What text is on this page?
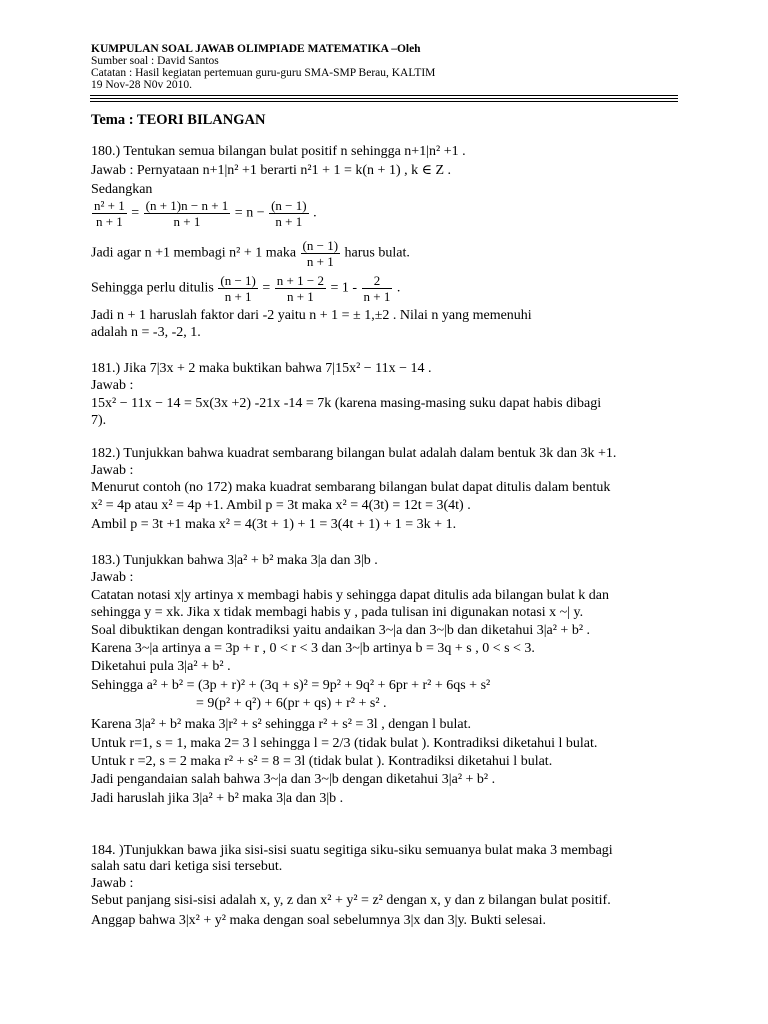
KUMPULAN SOAL JAWAB OLIMPIADE MATEMATIKA –Oleh
Sumber soal : David Santos
Catatan : Hasil kegiatan pertemuan guru-guru SMA-SMP Berau, KALTIM
19 Nov-28 N0v 2010.
Tema : TEORI BILANGAN
180.) Tentukan semua bilangan bulat positif n sehingga n+1|n² +1 .
Jawab : Pernyataan n+1|n² +1 berarti n²1 + 1 = k(n + 1) , k ∈ Z .
Sedangkan
$\frac{\text{n² + 1}}{n + 1} = \frac{(n + 1)n - n + 1}{n + 1} = n - \frac{(n - 1)}{n + 1}$ .
Jadi agar n +1 membagi n² + 1 maka $\frac{(n - 1)}{n + 1}$ harus bulat.
Sehingga perlu ditulis $\frac{(n - 1)}{n + 1} = \frac{n + 1 - 2}{n + 1} = 1 - \frac{2}{n + 1}$ .
Jadi n + 1 haruslah faktor dari -2 yaitu n + 1 = ± 1,±2 . Nilai n yang memenuhi
adalah n = -3, -2, 1.
181.) Jika 7|3x + 2 maka buktikan bahwa 7|15x² − 11x − 14 .
Jawab :
15x² − 11x − 14 = 5x(3x +2) -21x -14 = 7k (karena masing-masing suku dapat habis dibagi
7).
182.) Tunjukkan bahwa kuadrat sembarang bilangan bulat adalah dalam bentuk 3k dan 3k +1.
Jawab :
Menurut contoh (no 172) maka kuadrat sembarang bilangan bulat dapat ditulis dalam bentuk
x² = 4p atau x² = 4p +1. Ambil p = 3t maka x² = 4(3t) = 12t = 3(4t) .
Ambil p = 3t +1 maka x² = 4(3t + 1) + 1 = 3(4t + 1) + 1 = 3k + 1.
183.) Tunjukkan bahwa 3|a² + b² maka 3|a dan 3|b .
Jawab :
Catatan notasi x|y artinya x membagi habis y sehingga dapat ditulis ada bilangan bulat k dan
sehingga y = xk. Jika x tidak membagi habis y , pada tulisan ini digunakan notasi x ~| y.
Soal dibuktikan dengan kontradiksi yaitu andaikan 3~|a dan 3~|b dan diketahui 3|a² + b² .
Karena 3~|a artinya a = 3p + r , 0 < r < 3 dan 3~|b artinya b = 3q + s , 0 < s < 3.
Diketahui pula 3|a² + b² .
Sehingga a² + b² = (3p + r)² + (3q + s)² = 9p² + 9q² + 6pr + r² + 6qs + s²
= 9(p² + q²) + 6(pr + qs) + r² + s² .
Karena 3|a² + b² maka 3|r² + s² sehingga r² + s² = 3l , dengan l bulat.
Untuk r=1, s = 1, maka 2= 3 l sehingga l = 2/3 (tidak bulat ). Kontradiksi diketahui l bulat.
Untuk r =2, s = 2 maka r² + s² = 8 = 3l (tidak bulat ). Kontradiksi diketahui l bulat.
Jadi pengandaian salah bahwa 3~|a dan 3~|b dengan diketahui 3|a² + b² .
Jadi haruslah jika 3|a² + b² maka 3|a dan 3|b .
184. )Tunjukkan bawa jika sisi-sisi suatu segitiga siku-siku semuanya bulat maka 3 membagi
salah satu dari ketiga sisi tersebut.
Jawab :
Sebut panjang sisi-sisi adalah x, y, z dan x² + y² = z² dengan x, y dan z bilangan bulat positif.
Anggap bahwa 3|x² + y² maka dengan soal sebelumnya 3|x dan 3|y. Bukti selesai.
